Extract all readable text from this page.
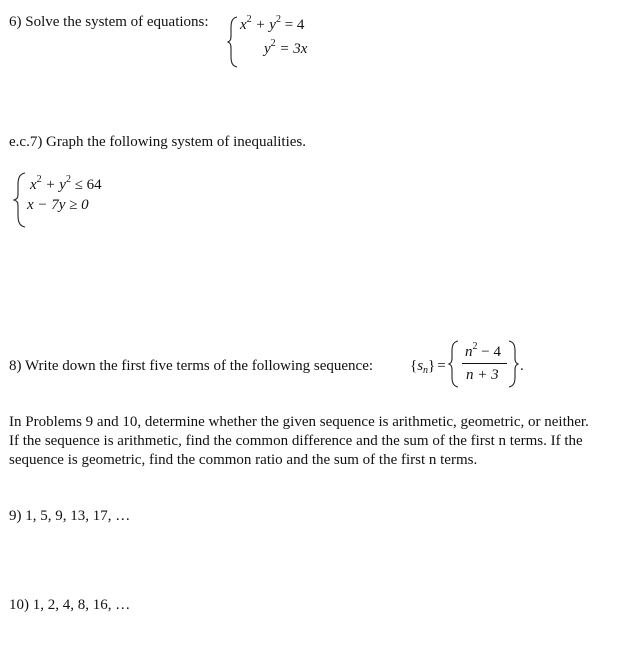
6) Solve the system of equations: $x^2 + y^2 = 4$
$y^2 = 3x$
e.c.7) Graph the following system of inequalities.
$x^2 + y^2 \le 64$
x − 7y ≥ 0
8) Write down the first five terms of the following sequence: $\{s_n\}$ =
$n^2 - 4$
n + 3
.
In Problems 9 and 10, determine whether the given sequence is arithmetic, geometric, or neither. If the sequence is arithmetic, find the common difference and the sum of the first n terms. If the sequence is geometric, find the common ratio and the sum of the first n terms.
9) 1, 5, 9, 13, 17, …
10) 1, 2, 4, 8, 16, …
